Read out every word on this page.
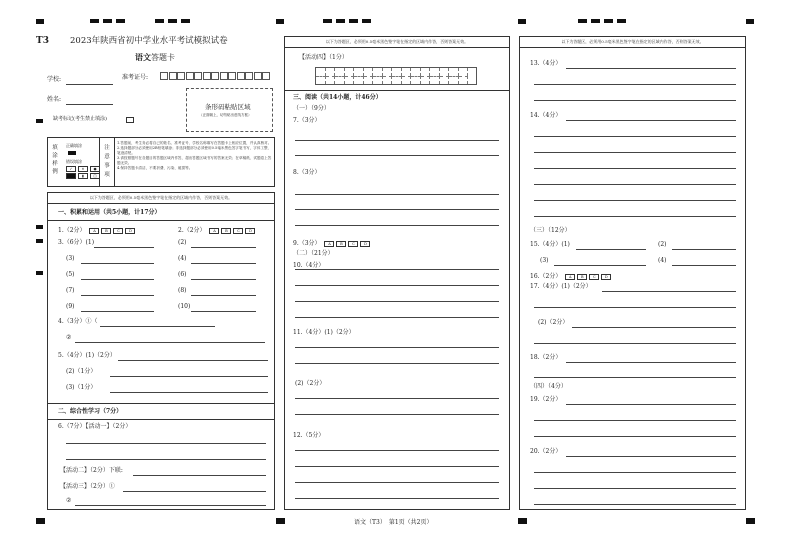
T3 2023年陕西省初中学业水平考试模拟试卷
语文答题卡
学校:	准考证号:
姓名:
缺考标记(考生禁止填涂)
条形码粘贴区域
（正面朝上，切勿贴出虚线方框）
填涂样例
正确填涂
错误填涂
✓	✕	●
▮	◫
注意事项
1.答题前，考生务必将自己的姓名、准考证号、学校名称填写在答题卡上相应位置，并认真核对。
2.选择题部分必须使用2B铅笔填涂；非选择题部分必须使用0.5毫米黑色签字笔书写，字体工整、笔迹清楚。
3.请按照题号在各题目的答题区域内作答，超出答题区域书写的答案无效；在草稿纸、试题卷上答题无效。
4.保持答题卡清洁，不要折叠、污染、破损等。
以下为答题区，必须用0.5毫米黑色签字笔在指定的区域内作答，否则答案无效。
一、积累和运用（共5小题，计17分）
1.（2分） A	B	C	D	2.（2分） A	B	C	D
3.（6分）(1)	(2)
(3)	(4)
(5)	(6)
(7)	(8)
(9)	(10)
4.（3分）①（
②
5.（4分）(1)（2分）
(2)（1分）
(3)（1分）
二、综合性学习（7分）
6.（7分）【活动一】（2分）
【活动二】（2分）下联:
【活动三】（2分）①
②
以下为答题区，必须用0.5毫米黑色签字笔在指定的区域内作答，否则答案无效。
【活动四】（1分）
三、阅读（共14小题，计46分）
（一）（9分）
7.（3分）
8.（3分）
9.（3分） A	B	C	D
（二）（21分）
10.（4分）
11.（4分）(1)（2分）
(2)（2分）
12.（5分）
以下为答题区，必须用0.5毫米黑色签字笔在指定的区域内作答，否则答案无效。
13.（4分）
14.（4分）
（三）（12分）
15.（4分）(1)	(2)
(3)	(4)
16.（2分） A	B	C	D
17.（4分）(1)（2分）
(2)（2分）
18.（2分）
（四）（4分）
19.（2分）
20.（2分）
语文（T3）　第1页（共2页）
